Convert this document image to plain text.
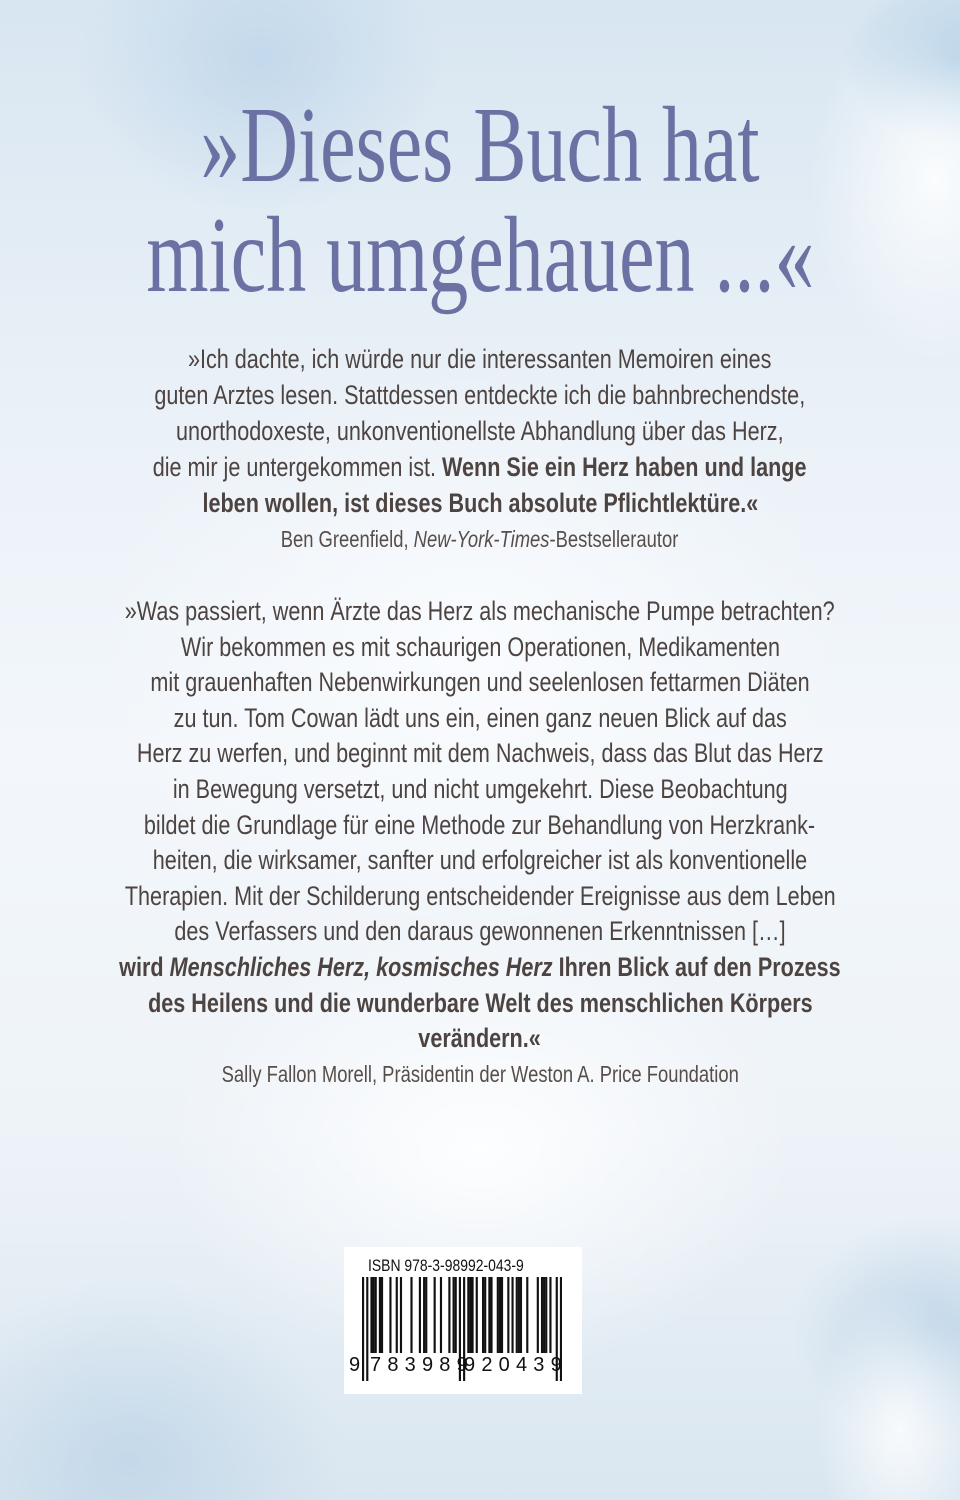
»Dieses Buch hat
mich umgehauen ...«
»Ich dachte, ich würde nur die interessanten Memoiren eines
guten Arztes lesen. Stattdessen entdeckte ich die bahnbrechendste,
unorthodoxeste, unkonventionellste Abhandlung über das Herz,
die mir je untergekommen ist. Wenn Sie ein Herz haben und lange
leben wollen, ist dieses Buch absolute Pflichtlektüre.«
Ben Greenfield, New-York-Times-Bestsellerautor
»Was passiert, wenn Ärzte das Herz als mechanische Pumpe betrachten?
Wir bekommen es mit schaurigen Operationen, Medikamenten
mit grauenhaften Nebenwirkungen und seelenlosen fettarmen Diäten
zu tun. Tom Cowan lädt uns ein, einen ganz neuen Blick auf das
Herz zu werfen, und beginnt mit dem Nachweis, dass das Blut das Herz
in Bewegung versetzt, und nicht umgekehrt. Diese Beobachtung
bildet die Grundlage für eine Methode zur Behandlung von Herzkrank-
heiten, die wirksamer, sanfter und erfolgreicher ist als konventionelle
Therapien. Mit der Schilderung entscheidender Ereignisse aus dem Leben
des Verfassers und den daraus gewonnenen Erkenntnissen […]
wird Menschliches Herz, kosmisches Herz Ihren Blick auf den Prozess
des Heilens und die wunderbare Welt des menschlichen Körpers
verändern.«
Sally Fallon Morell, Präsidentin der Weston A. Price Foundation
ISBN 978-3-98992-043-9
9 783989
920439
